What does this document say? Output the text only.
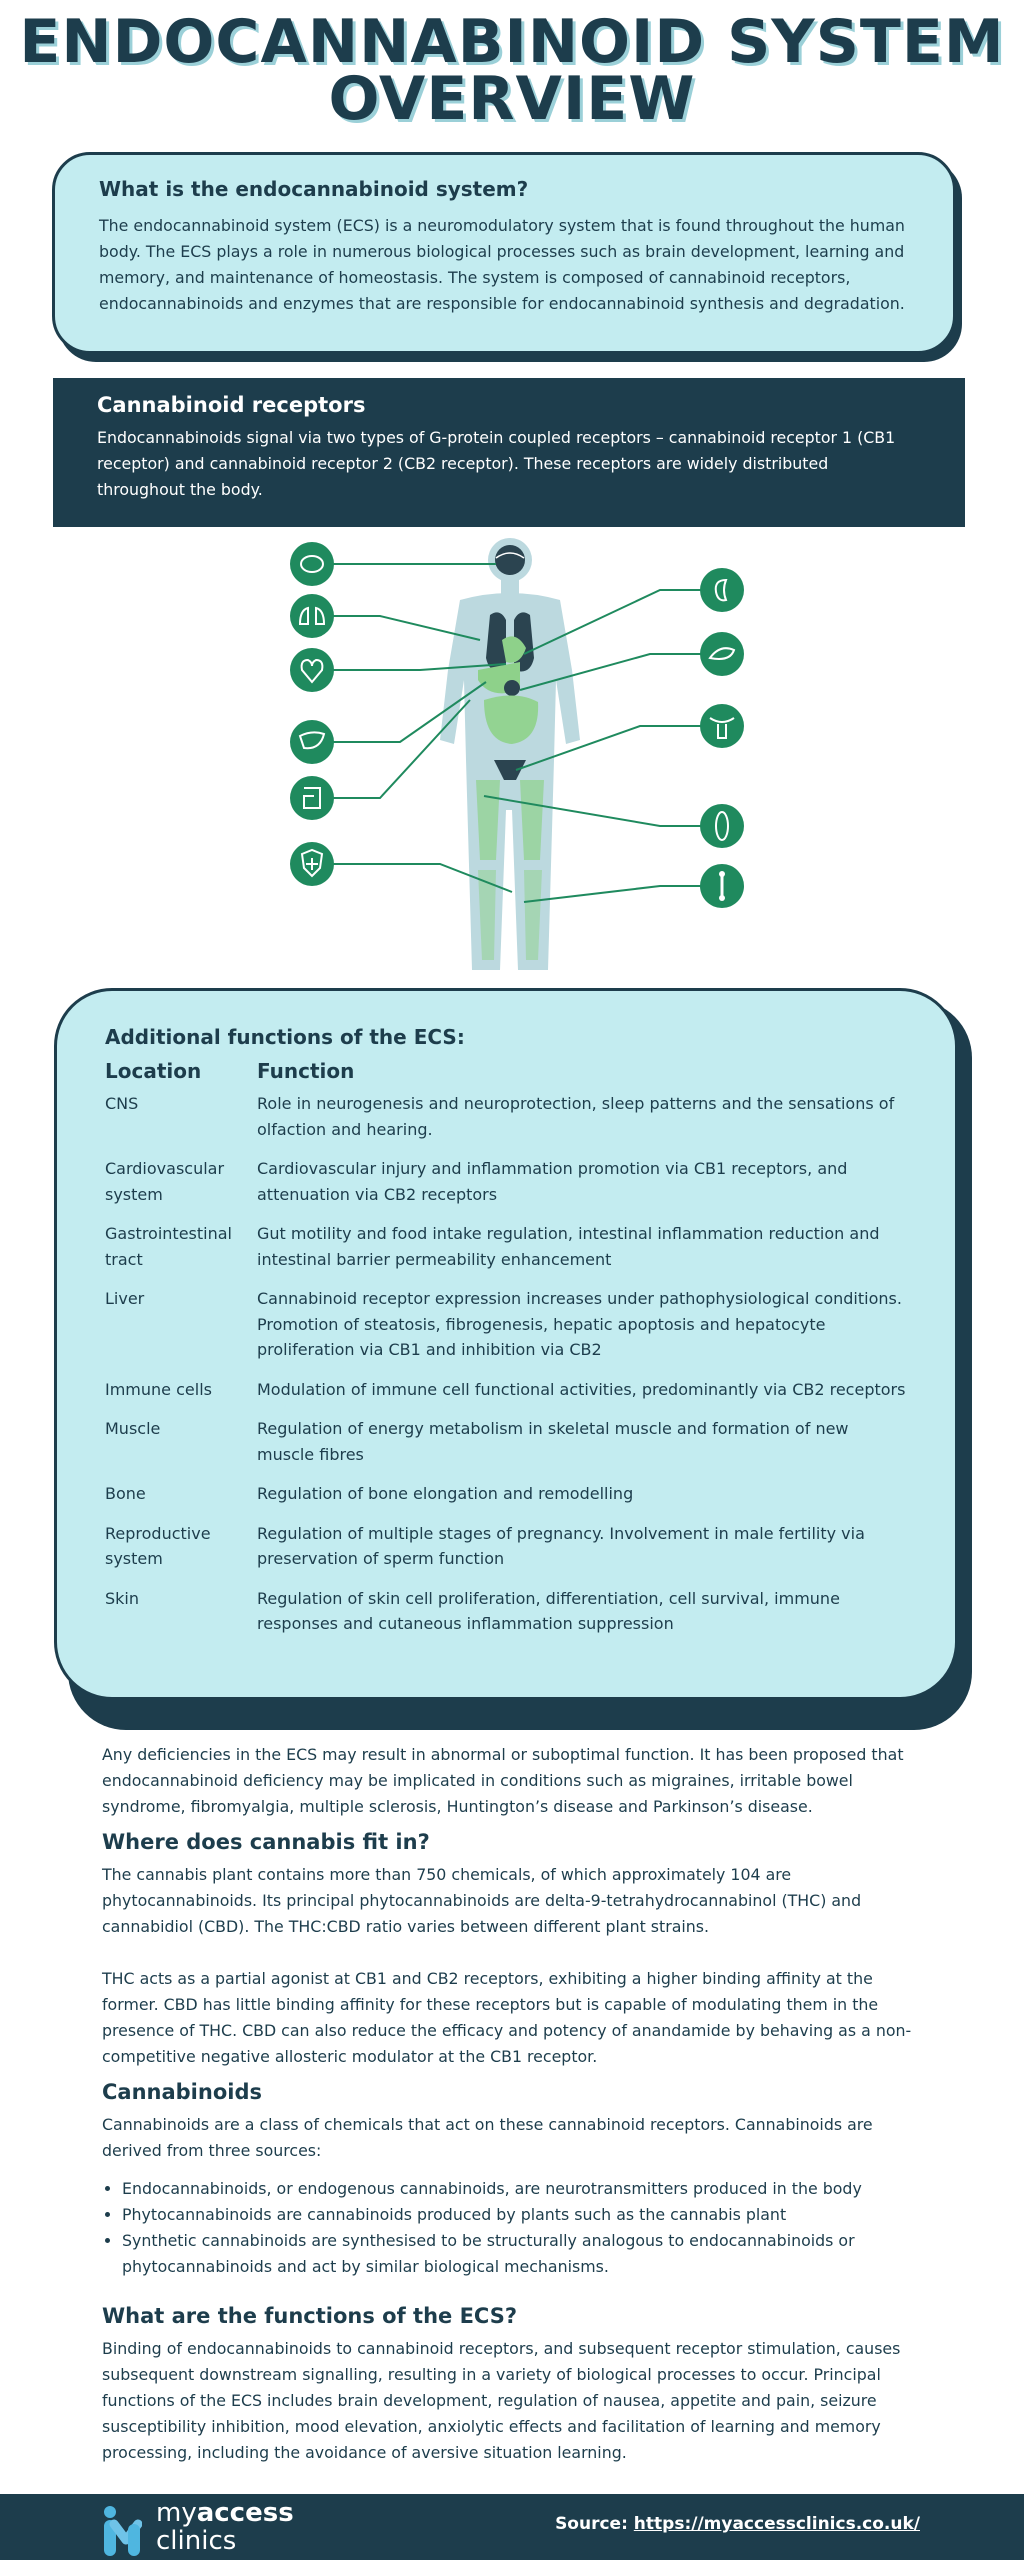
ENDOCANNABINOID SYSTEM
OVERVIEW
What is the endocannabinoid system?

The endocannabinoid system (ECS) is a neuromodulatory system that is found throughout the human body. The ECS plays a role in numerous biological processes such as brain development, learning and memory, and maintenance of homeostasis. The system is composed of cannabinoid receptors, endocannabinoids and enzymes that are responsible for endocannabinoid synthesis and degradation.

Cannabinoid receptors

Endocannabinoids signal via two types of G-protein coupled receptors – cannabinoid receptor 1 (CB1 receptor) and cannabinoid receptor 2 (CB2 receptor). These receptors are widely distributed throughout the body.

Additional functions of the ECS:
Location	Function
CNS	Role in neurogenesis and neuroprotection, sleep patterns and the sensations of olfaction and hearing.
Cardiovascular system	Cardiovascular injury and inflammation promotion via CB1 receptors, and attenuation via CB2 receptors
Gastrointestinal tract	Gut motility and food intake regulation, intestinal inflammation reduction and intestinal barrier permeability enhancement
Liver	Cannabinoid receptor expression increases under pathophysiological conditions. Promotion of steatosis, fibrogenesis, hepatic apoptosis and hepatocyte proliferation via CB1 and inhibition via CB2
Immune cells	Modulation of immune cell functional activities, predominantly via CB2 receptors
Muscle	Regulation of energy metabolism in skeletal muscle and formation of new muscle fibres
Bone	Regulation of bone elongation and remodelling
Reproductive system	Regulation of multiple stages of pregnancy. Involvement in male fertility via preservation of sperm function
Skin	Regulation of skin cell proliferation, differentiation, cell survival, immune responses and cutaneous inflammation suppression

Any deficiencies in the ECS may result in abnormal or suboptimal function. It has been proposed that endocannabinoid deficiency may be implicated in conditions such as migraines, irritable bowel syndrome, fibromyalgia, multiple sclerosis, Huntington’s disease and Parkinson’s disease.

Where does cannabis fit in?

The cannabis plant contains more than 750 chemicals, of which approximately 104 are phytocannabinoids. Its principal phytocannabinoids are delta-9-tetrahydrocannabinol (THC) and cannabidiol (CBD). The THC:CBD ratio varies between different plant strains.

THC acts as a partial agonist at CB1 and CB2 receptors, exhibiting a higher binding affinity at the former. CBD has little binding affinity for these receptors but is capable of modulating them in the presence of THC. CBD can also reduce the efficacy and potency of anandamide by behaving as a non-competitive negative allosteric modulator at the CB1 receptor.

Cannabinoids

Cannabinoids are a class of chemicals that act on these cannabinoid receptors. Cannabinoids are derived from three sources:

• Endocannabinoids, or endogenous cannabinoids, are neurotransmitters produced in the body
• Phytocannabinoids are cannabinoids produced by plants such as the cannabis plant
• Synthetic cannabinoids are synthesised to be structurally analogous to endocannabinoids or phytocannabinoids and act by similar biological mechanisms.
What are the functions of the ECS?

Binding of endocannabinoids to cannabinoid receptors, and subsequent receptor stimulation, causes subsequent downstream signalling, resulting in a variety of biological processes to occur. Principal functions of the ECS includes brain development, regulation of nausea, appetite and pain, seizure susceptibility inhibition, mood elevation, anxiolytic effects and facilitation of learning and memory processing, including the avoidance of aversive situation learning.

myaccess
clinics
Source: https://myaccessclinics.co.uk/
